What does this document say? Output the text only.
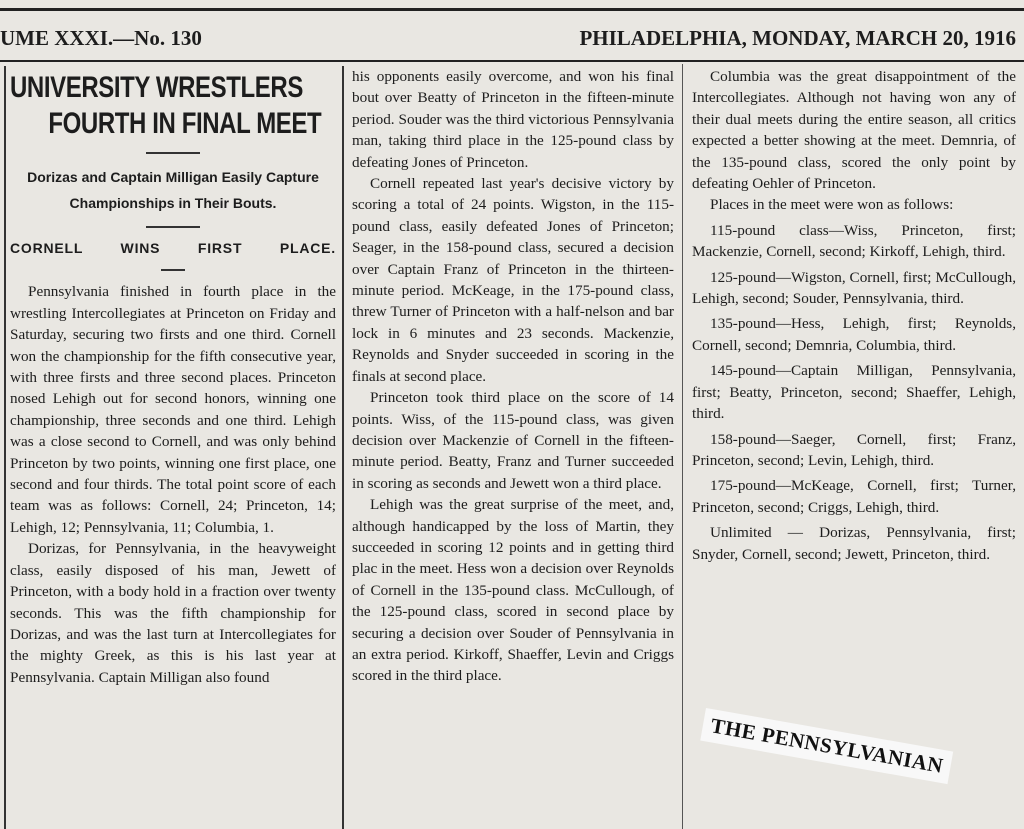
UME XXXI.—No. 130	PHILADELPHIA, MONDAY, MARCH 20, 1916
UNIVERSITY WRESTLERS
FOURTH IN FINAL MEET
Dorizas and Captain Milligan Easily Capture Championships in Their Bouts.
CORNELL WINS FIRST PLACE.

Pennsylvania finished in fourth place in the wrestling Intercollegiates at Princeton on Friday and Saturday, securing two firsts and one third. Cornell won the championship for the fifth consecutive year, with three firsts and three second places. Princeton nosed Lehigh out for second honors, winning one championship, three seconds and one third. Lehigh was a close second to Cornell, and was only behind Princeton by two points, winning one first place, one second and four thirds. The total point score of each team was as follows: Cornell, 24; Princeton, 14; Lehigh, 12; Pennsylvania, 11; Columbia, 1.

Dorizas, for Pennsylvania, in the heavyweight class, easily disposed of his man, Jewett of Princeton, with a body hold in a fraction over twenty seconds. This was the fifth championship for Dorizas, and was the last turn at Intercollegiates for the mighty Greek, as this is his last year at Pennsylvania. Captain Milligan also found

his opponents easily overcome, and won his final bout over Beatty of Princeton in the fifteen-minute period. Souder was the third victorious Pennsylvania man, taking third place in the 125-pound class by defeating Jones of Princeton.

Cornell repeated last year's decisive victory by scoring a total of 24 points. Wigston, in the 115-pound class, easily defeated Jones of Princeton; Seager, in the 158-pound class, secured a decision over Captain Franz of Princeton in the thirteen-minute period. McKeage, in the 175-pound class, threw Turner of Princeton with a half-nelson and bar lock in 6 minutes and 23 seconds. Mackenzie, Reynolds and Snyder succeeded in scoring in the finals at second place.

Princeton took third place on the score of 14 points. Wiss, of the 115-pound class, was given decision over Mackenzie of Cornell in the fifteen-minute period. Beatty, Franz and Turner succeeded in scoring as seconds and Jewett won a third place.

Lehigh was the great surprise of the meet, and, although handicapped by the loss of Martin, they succeeded in scoring 12 points and in getting third plac in the meet. Hess won a decision over Reynolds of Cornell in the 135-pound class. McCullough, of the 125-pound class, scored in second place by securing a decision over Souder of Pennsylvania in an extra period. Kirkoff, Shaeffer, Levin and Criggs scored in the third place.

Columbia was the great disappointment of the Intercollegiates. Although not having won any of their dual meets during the entire season, all critics expected a better showing at the meet. Demnria, of the 135-pound class, scored the only point by defeating Oehler of Princeton.

Places in the meet were won as follows:

115-pound class—Wiss, Princeton, first; Mackenzie, Cornell, second; Kirkoff, Lehigh, third.

125-pound—Wigston, Cornell, first; McCullough, Lehigh, second; Souder, Pennsylvania, third.

135-pound—Hess, Lehigh, first; Reynolds, Cornell, second; Demnria, Columbia, third.

145-pound—Captain Milligan, Pennsylvania, first; Beatty, Princeton, second; Shaeffer, Lehigh, third.

158-pound—Saeger, Cornell, first; Franz, Princeton, second; Levin, Lehigh, third.

175-pound—McKeage, Cornell, first; Turner, Princeton, second; Criggs, Lehigh, third.

Unlimited — Dorizas, Pennsylvania, first; Snyder, Cornell, second; Jewett, Princeton, third.

THE PENNSYLVANIAN
